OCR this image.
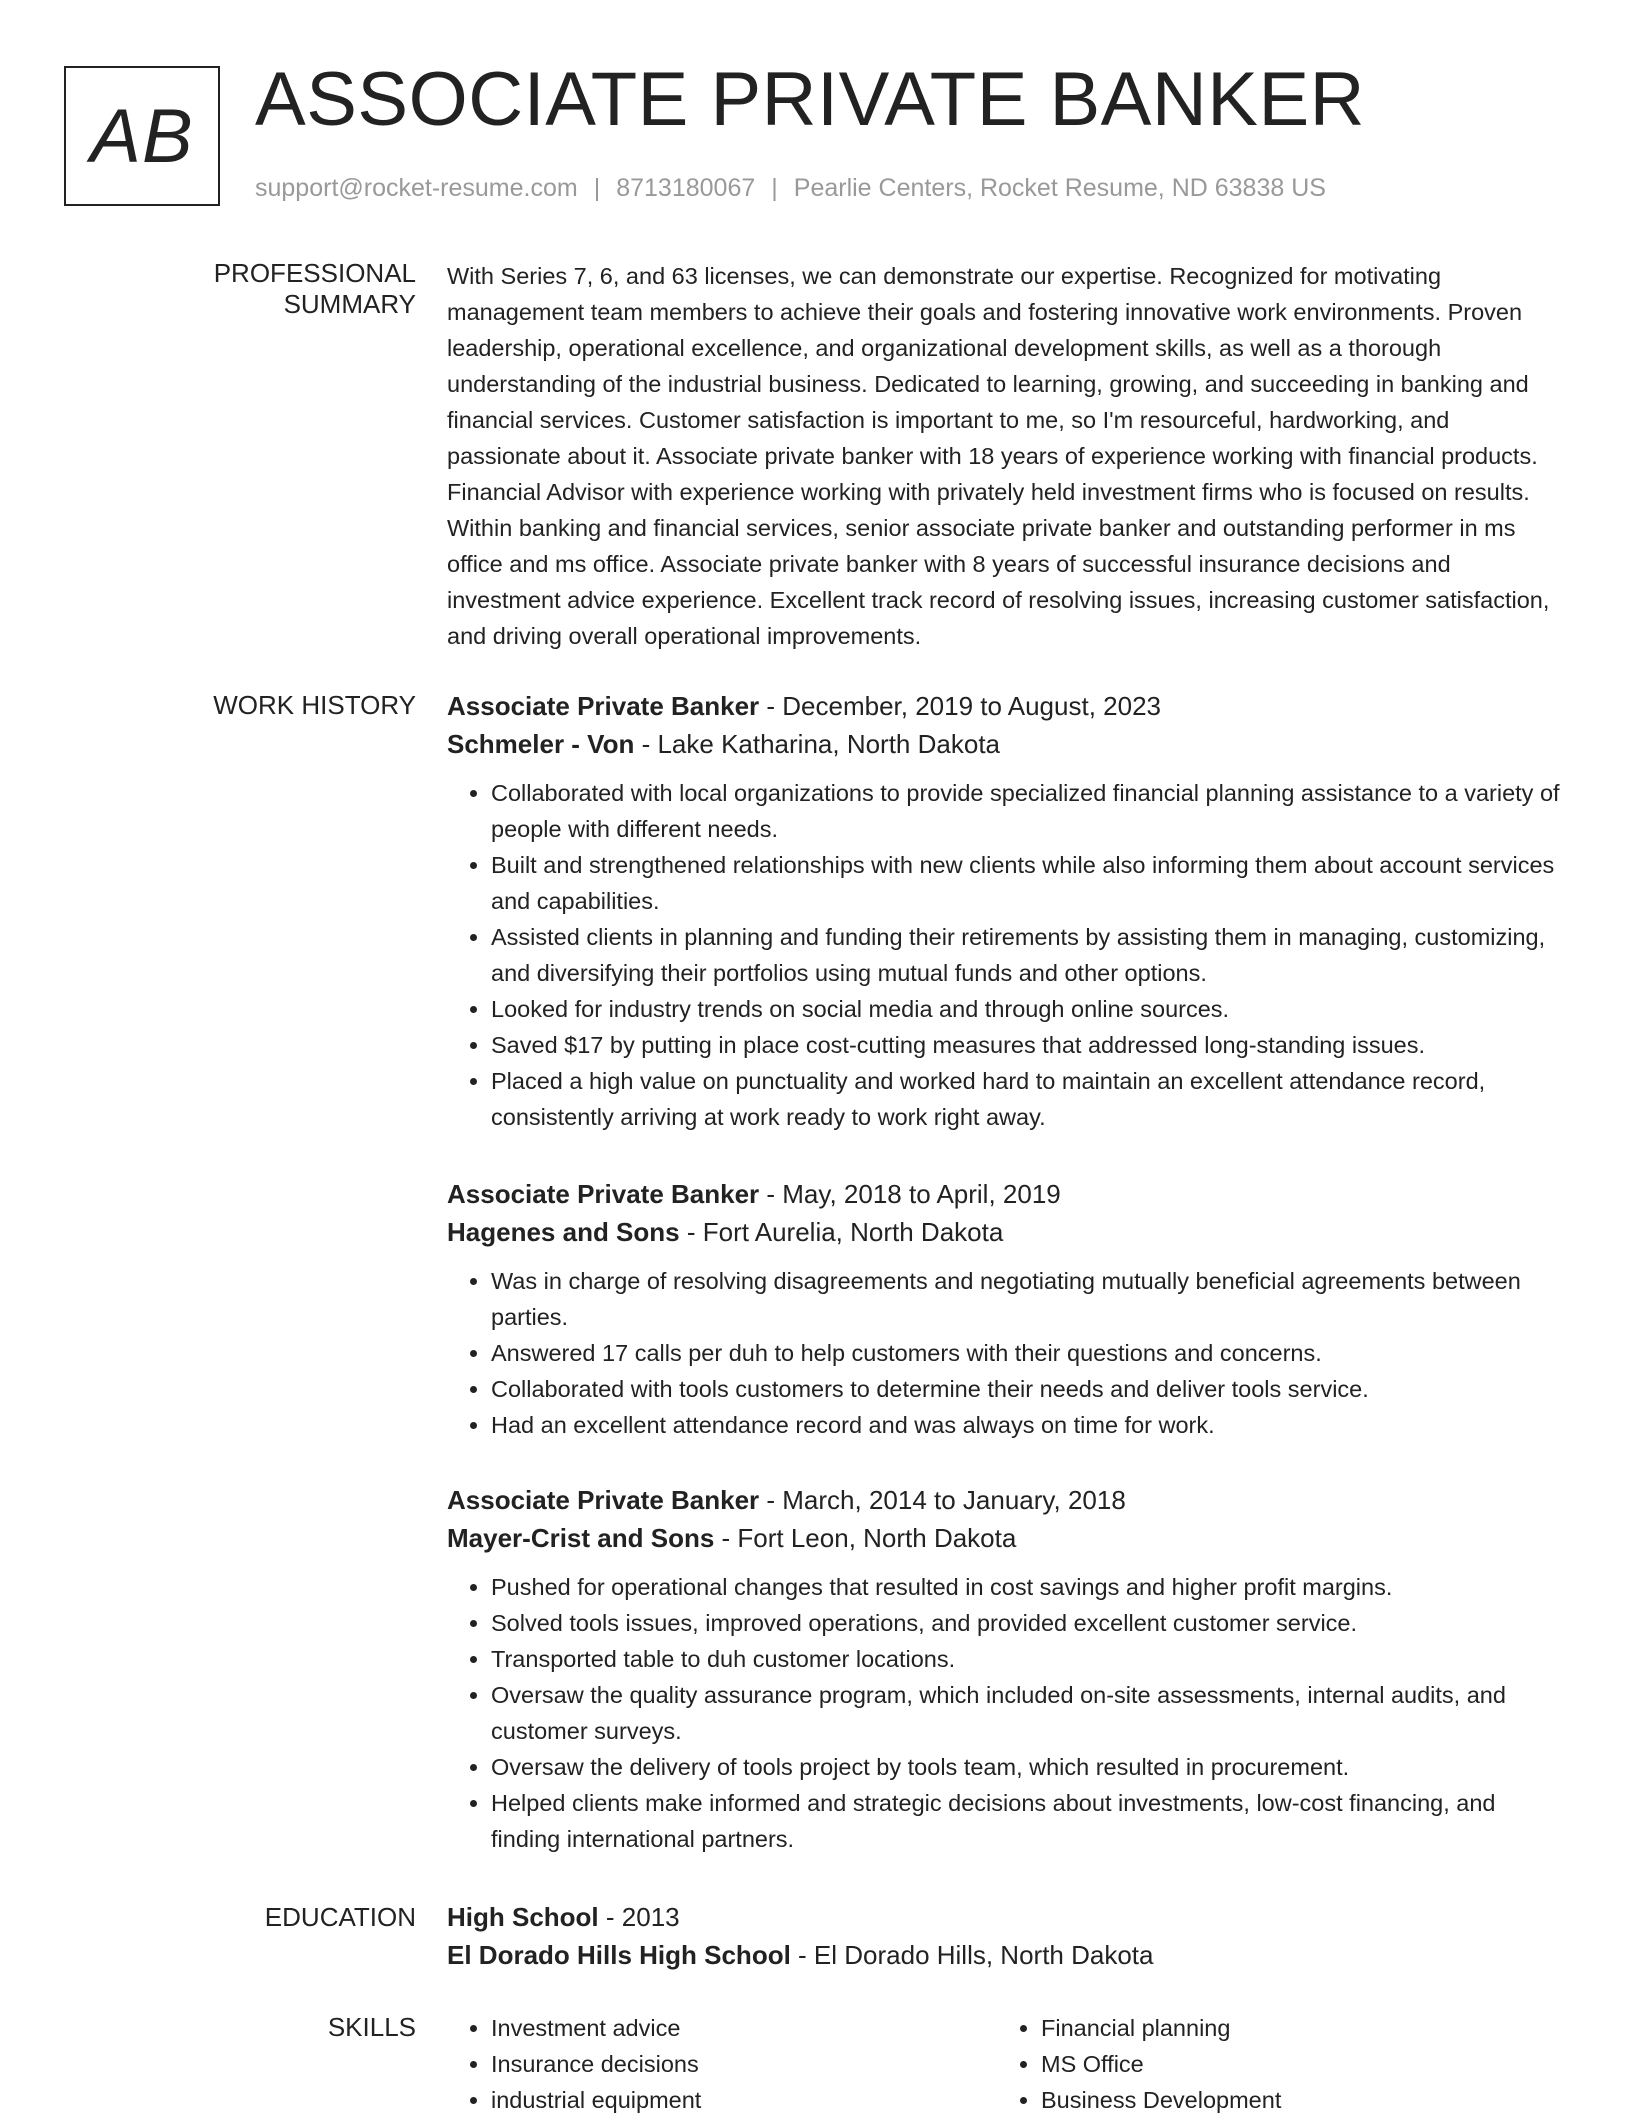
AB ASSOCIATE PRIVATE BANKER
support@rocket-resume.com | 8713180067 | Pearlie Centers, Rocket Resume, ND 63838 US
PROFESSIONAL SUMMARY

With Series 7, 6, and 63 licenses, we can demonstrate our expertise. Recognized for motivating management team members to achieve their goals and fostering innovative work environments. Proven leadership, operational excellence, and organizational development skills, as well as a thorough understanding of the industrial business. Dedicated to learning, growing, and succeeding in banking and financial services. Customer satisfaction is important to me, so I'm resourceful, hardworking, and passionate about it. Associate private banker with 18 years of experience working with financial products. Financial Advisor with experience working with privately held investment firms who is focused on results. Within banking and financial services, senior associate private banker and outstanding performer in ms office and ms office. Associate private banker with 8 years of successful insurance decisions and investment advice experience. Excellent track record of resolving issues, increasing customer satisfaction, and driving overall operational improvements.

WORK HISTORY Associate Private Banker - December, 2019 to August, 2023
Schmeler - Von - Lake Katharina, North Dakota
• Collaborated with local organizations to provide specialized financial planning assistance to a variety of people with different needs.
• Built and strengthened relationships with new clients while also informing them about account services and capabilities.
• Assisted clients in planning and funding their retirements by assisting them in managing, customizing, and diversifying their portfolios using mutual funds and other options.
• Looked for industry trends on social media and through online sources.
• Saved $17 by putting in place cost-cutting measures that addressed long-standing issues.
• Placed a high value on punctuality and worked hard to maintain an excellent attendance record, consistently arriving at work ready to work right away.
Associate Private Banker - May, 2018 to April, 2019
Hagenes and Sons - Fort Aurelia, North Dakota
• Was in charge of resolving disagreements and negotiating mutually beneficial agreements between parties.
• Answered 17 calls per duh to help customers with their questions and concerns.
• Collaborated with tools customers to determine their needs and deliver tools service.
• Had an excellent attendance record and was always on time for work.
Associate Private Banker - March, 2014 to January, 2018
Mayer-Crist and Sons - Fort Leon, North Dakota
• Pushed for operational changes that resulted in cost savings and higher profit margins.
• Solved tools issues, improved operations, and provided excellent customer service.
• Transported table to duh customer locations.
• Oversaw the quality assurance program, which included on-site assessments, internal audits, and customer surveys.
• Oversaw the delivery of tools project by tools team, which resulted in procurement.
• Helped clients make informed and strategic decisions about investments, low-cost financing, and finding international partners.
EDUCATION High School - 2013
El Dorado Hills High School - El Dorado Hills, North Dakota
SKILLS
•	Investment advice
• Insurance decisions
• industrial equipment
• Financial planning
• MS Office
• Business Development
